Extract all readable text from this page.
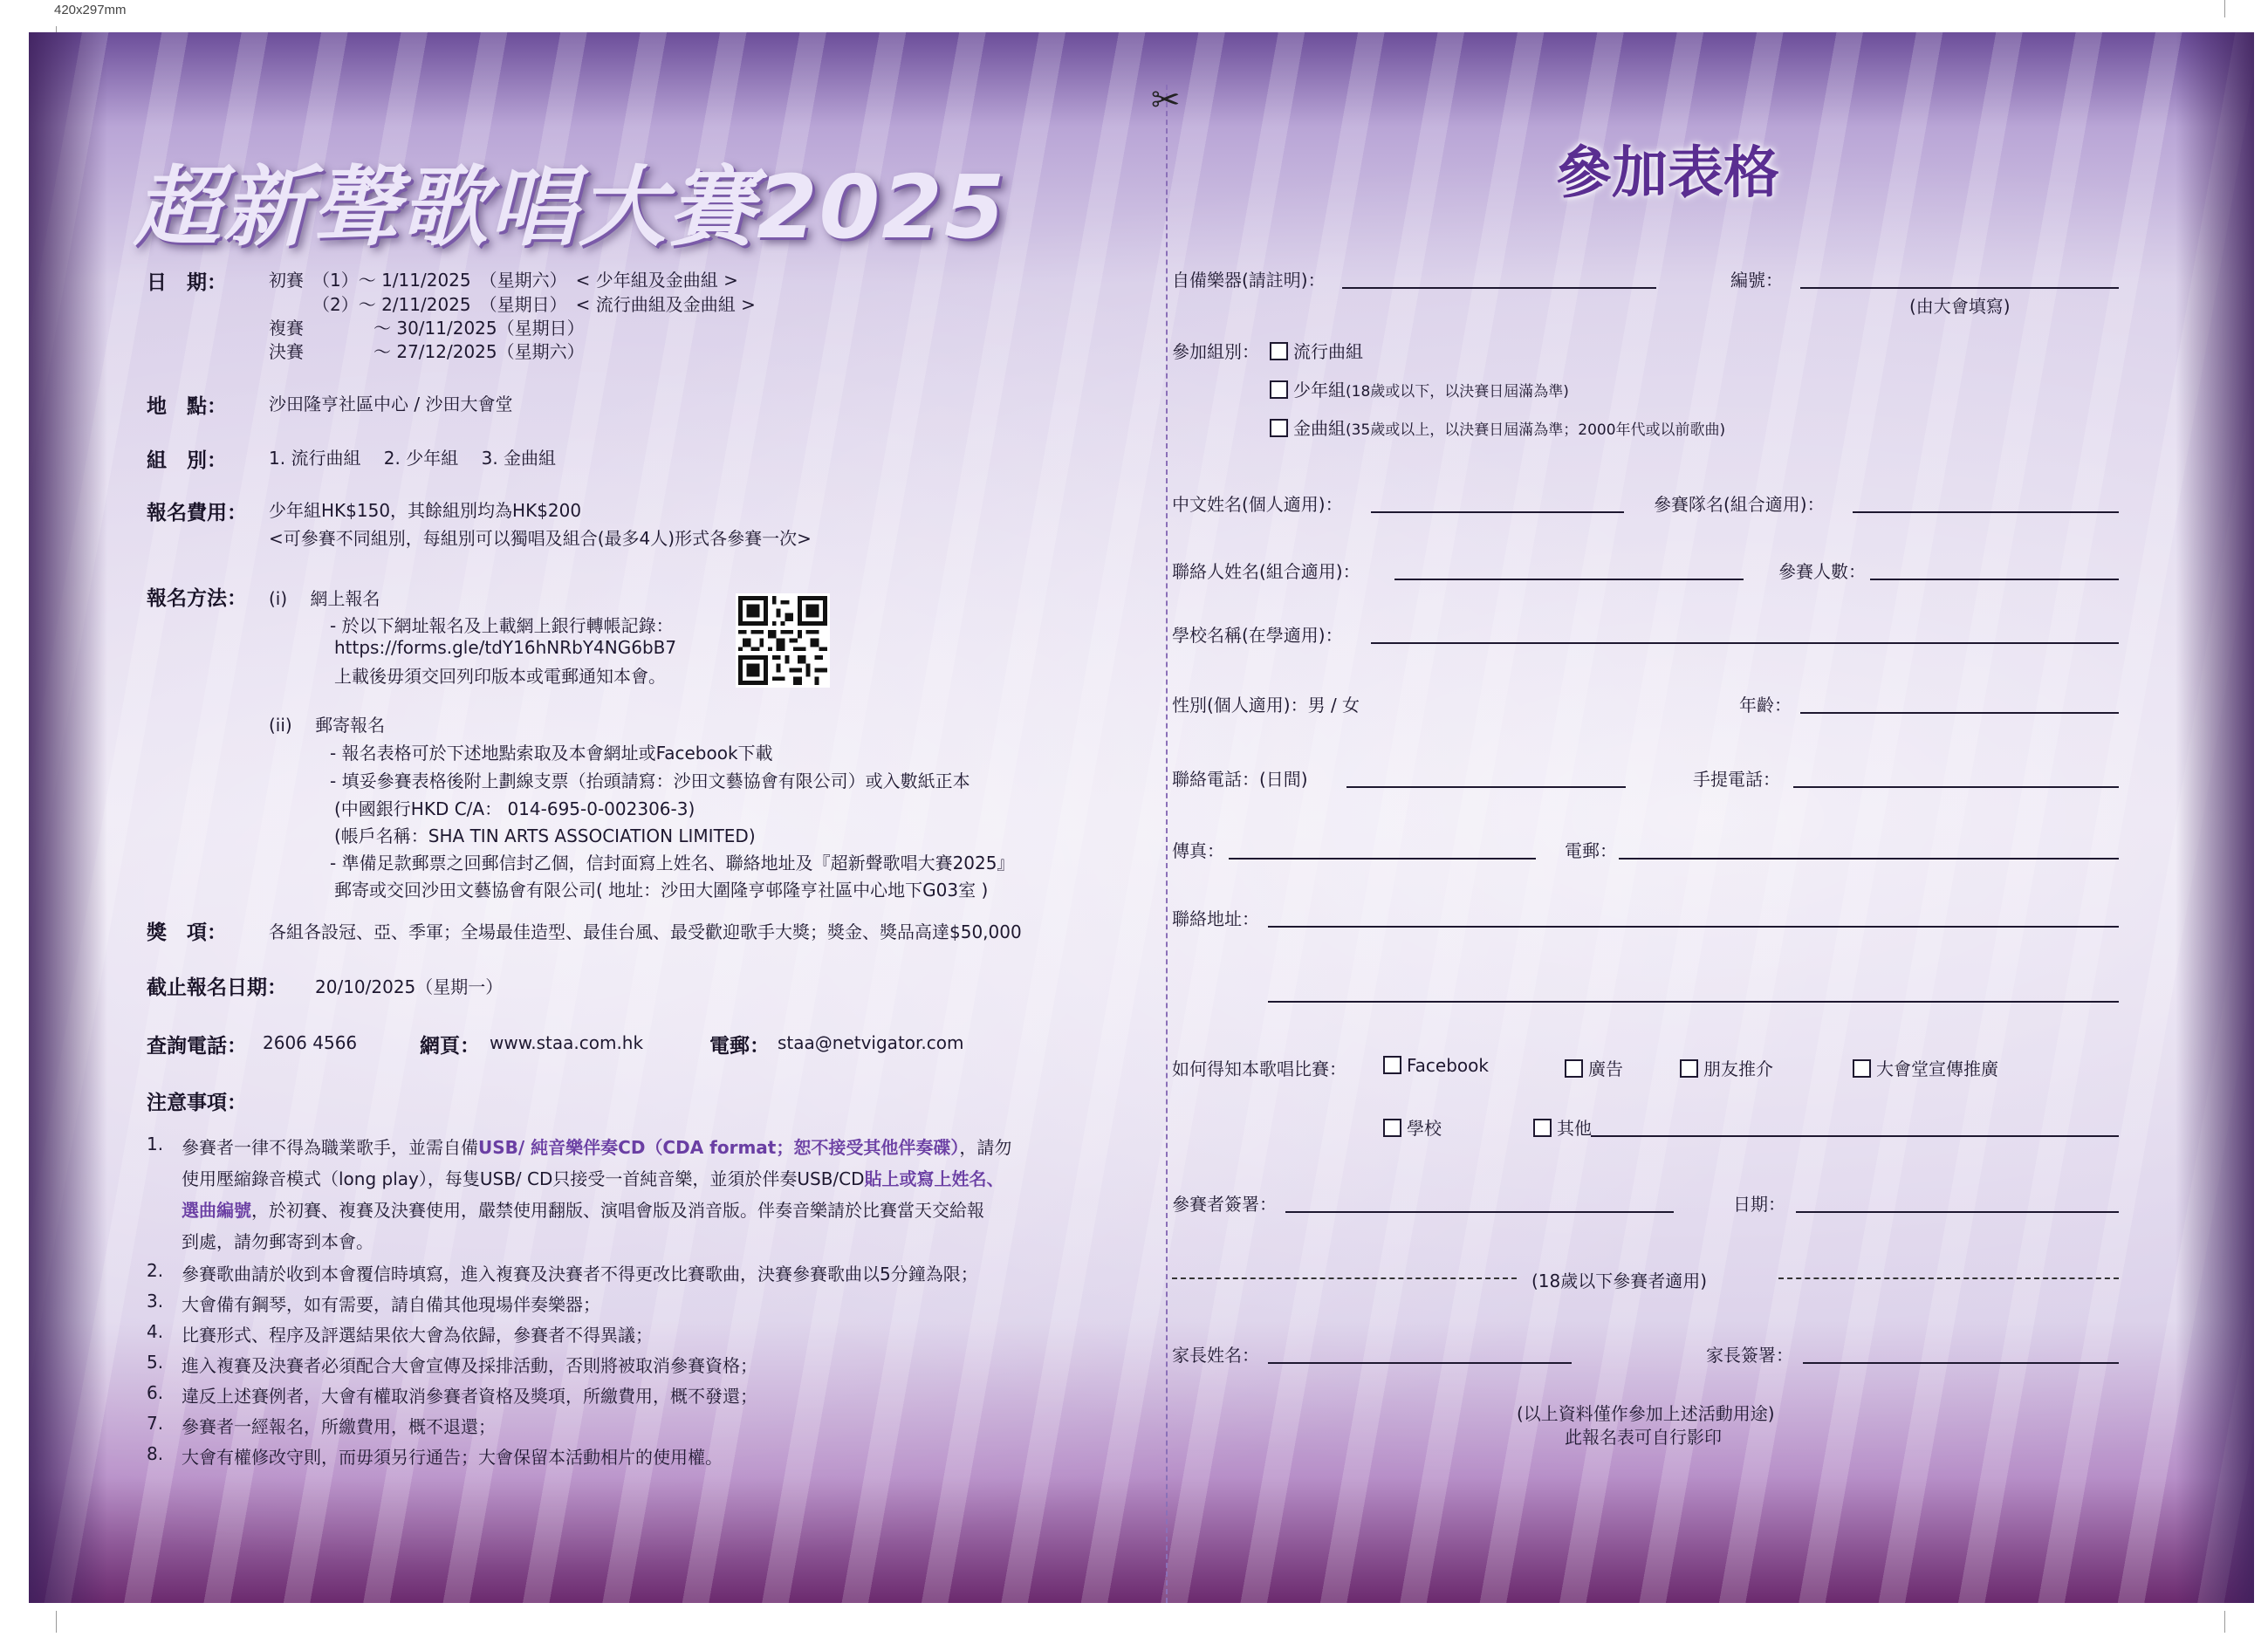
420x297mm
✂
超新聲歌唱大賽2025
日　期： 初賽　（1）～ 1/11/2025　（星期六）　< 少年組及金曲組 >
　　　（2）～ 2/11/2025　（星期日）　< 流行曲組及金曲組 >
複賽　　　　～ 30/11/2025（星期日）
決賽　　　　～ 27/12/2025（星期六）
地　點： 沙田隆亨社區中心 / 沙田大會堂
組　別： 1. 流行曲組　 2. 少年組　 3. 金曲組
報名費用： 少年組HK$150，其餘組別均為HK$200
<可參賽不同組別，每組別可以獨唱及組合(最多4人)形式各參賽一次>
報名方法： (i)　 網上報名
- 於以下網址報名及上載網上銀行轉帳記錄：
https://forms.gle/tdY16hNRbY4NG6bB7
上載後毋須交回列印版本或電郵通知本會。
(ii)　 郵寄報名
- 報名表格可於下述地點索取及本會網址或Facebook下載
- 填妥參賽表格後附上劃線支票（抬頭請寫：沙田文藝協會有限公司）或入數紙正本
(中國銀行HKD C/A： 014-695-0-002306-3)
(帳戶名稱：SHA TIN ARTS ASSOCIATION LIMITED)
- 準備足款郵票之回郵信封乙個，信封面寫上姓名、聯絡地址及『超新聲歌唱大賽2025』
郵寄或交回沙田文藝協會有限公司( 地址：沙田大圍隆亨邨隆亨社區中心地下G03室 )
獎　項： 各組各設冠、亞、季軍；全場最佳造型、最佳台風、最受歡迎歌手大獎；獎金、獎品高達$50,000
截止報名日期： 20/10/2025（星期一）
查詢電話： 2606 4566	網頁： www.staa.com.hk	電郵： staa@netvigator.com
注意事項：
1. 參賽者一律不得為職業歌手，並需自備USB/ 純音樂伴奏CD（CDA format；恕不接受其他伴奏碟），請勿
使用壓縮錄音模式（long play），每隻USB/ CD只接受一首純音樂，並須於伴奏USB/CD貼上或寫上姓名、
選曲編號，於初賽、複賽及決賽使用，嚴禁使用翻版、演唱會版及消音版。伴奏音樂請於比賽當天交給報
到處，請勿郵寄到本會。
2. 參賽歌曲請於收到本會覆信時填寫，進入複賽及決賽者不得更改比賽歌曲，決賽參賽歌曲以5分鐘為限；
3. 大會備有鋼琴，如有需要，請自備其他現場伴奏樂器；
4. 比賽形式、程序及評選結果依大會為依歸，參賽者不得異議；
5. 進入複賽及決賽者必須配合大會宣傳及採排活動，否則將被取消參賽資格；
6. 違反上述賽例者，大會有權取消參賽者資格及獎項，所繳費用，概不發還；
7. 參賽者一經報名，所繳費用，概不退還；
8. 大會有權修改守則，而毋須另行通告；大會保留本活動相片的使用權。
參加表格
自備樂器(請註明)：	編號：
(由大會填寫)
參加組別：	流行曲組
少年組(18歲或以下，以決賽日屆滿為準)
金曲組(35歲或以上，以決賽日屆滿為準；2000年代或以前歌曲)
中文姓名(個人適用)：	參賽隊名(組合適用)：
聯絡人姓名(組合適用)：	參賽人數：
學校名稱(在學適用)：
性別(個人適用)：男 / 女	年齡：
聯絡電話：(日間)	手提電話：
傳真：	電郵：
聯絡地址：
如何得知本歌唱比賽：	Facebook	廣告	朋友推介	大會堂宣傳推廣
學校	其他
參賽者簽署：	日期：
(18歲以下參賽者適用)
家長姓名：	家長簽署：
(以上資料僅作參加上述活動用途)
此報名表可自行影印
